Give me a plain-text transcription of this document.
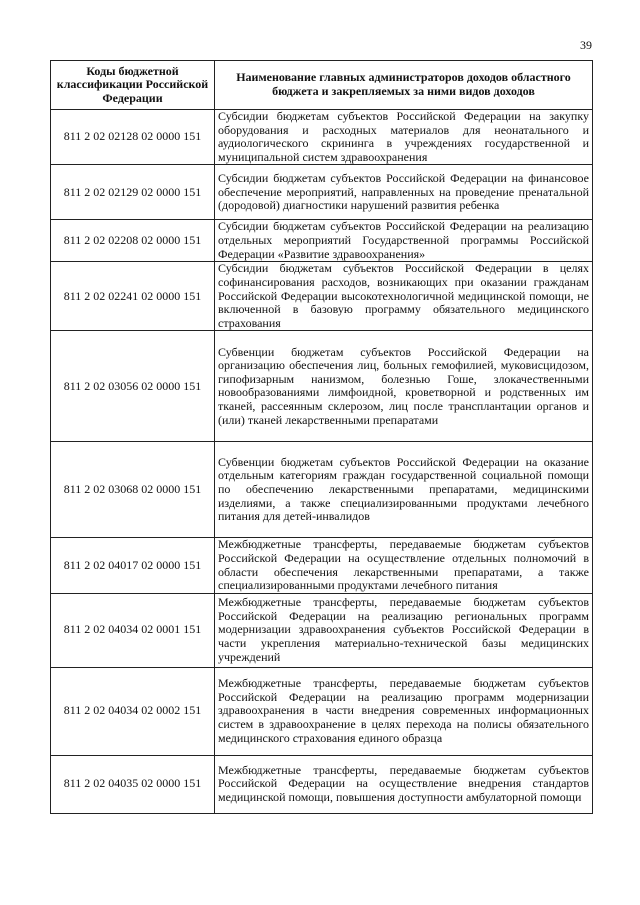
39
Коды бюджетной классификации Российской Федерации	Наименование главных администраторов доходов областного бюджета и закрепляемых за ними видов доходов
811 2 02 02128 02 0000 151	Субсидии бюджетам субъектов Российской Федерации на закупку оборудования и расходных материалов для неонатального и аудиологического скрининга в учреждениях государственной и муниципальной систем здравоохранения
811 2 02 02129 02 0000 151	Субсидии бюджетам субъектов Российской Федерации на финансовое обеспечение мероприятий, направленных на проведение пренатальной (дородовой) диагностики нарушений развития ребенка
811 2 02 02208 02 0000 151	Субсидии бюджетам субъектов Российской Федерации на реализацию отдельных мероприятий Государственной программы Российской Федерации «Развитие здравоохранения»
811 2 02 02241 02 0000 151	Субсидии бюджетам субъектов Российской Федерации в целях софинансирования расходов, возникающих при оказании гражданам Российской Федерации высокотехнологичной медицинской помощи, не включенной в базовую программу обязательного медицинского страхования
811 2 02 03056 02 0000 151	Субвенции бюджетам субъектов Российской Федерации на организацию обеспечения лиц, больных гемофилией, муковисцидозом, гипофизарным нанизмом, болезнью Гоше, злокачественными новообразованиями лимфоидной, кроветворной и родственных им тканей, рассеянным склерозом, лиц после трансплантации органов и (или) тканей лекарственными препаратами
811 2 02 03068 02 0000 151	Субвенции бюджетам субъектов Российской Федерации на оказание отдельным категориям граждан государственной социальной помощи по обеспечению лекарственными препаратами, медицинскими изделиями, а также специализированными продуктами лечебного питания для детей-инвалидов
811 2 02 04017 02 0000 151	Межбюджетные трансферты, передаваемые бюджетам субъектов Российской Федерации на осуществление отдельных полномочий в области обеспечения лекарственными препаратами, а также специализированными продуктами лечебного питания
811 2 02 04034 02 0001 151	Межбюджетные трансферты, передаваемые бюджетам субъектов Российской Федерации на реализацию региональных программ модернизации здравоохранения субъектов Российской Федерации в части укрепления материально-технической базы медицинских учреждений
811 2 02 04034 02 0002 151	Межбюджетные трансферты, передаваемые бюджетам субъектов Российской Федерации на реализацию программ модернизации здравоохранения в части внедрения современных информационных систем в здравоохранение в целях перехода на полисы обязательного медицинского страхования единого образца
811 2 02 04035 02 0000 151	Межбюджетные трансферты, передаваемые бюджетам субъектов Российской Федерации на осуществление внедрения стандартов медицинской помощи, повышения доступности амбулаторной помощи
